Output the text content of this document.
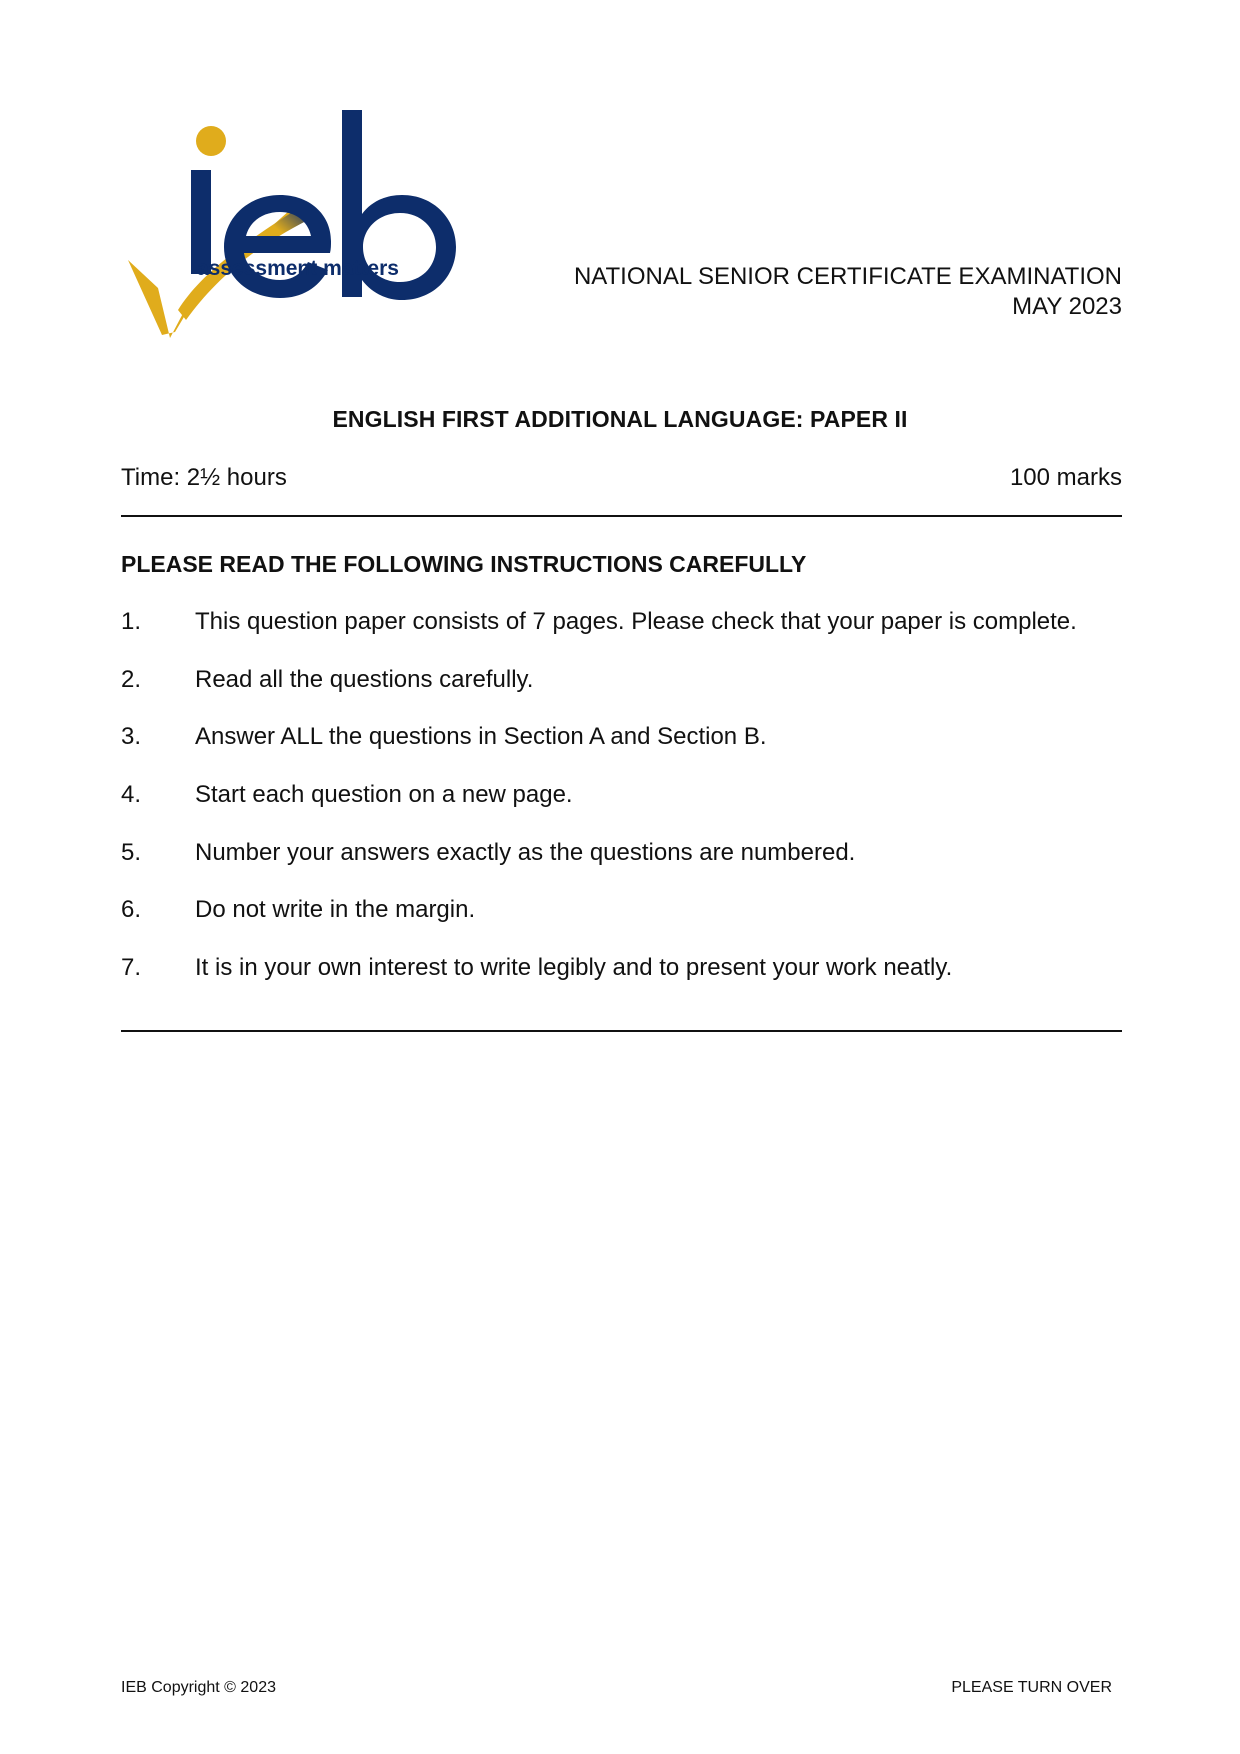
assessment matters	NATIONAL SENIOR CERTIFICATE EXAMINATION
MAY 2023
ENGLISH FIRST ADDITIONAL LANGUAGE: PAPER II
Time: 2½ hours	100 marks
PLEASE READ THE FOLLOWING INSTRUCTIONS CAREFULLY
1.	This question paper consists of 7 pages. Please check that your paper is complete.
2.	Read all the questions carefully.
3.	Answer ALL the questions in Section A and Section B.
4.	Start each question on a new page.
5.	Number your answers exactly as the questions are numbered.
6.	Do not write in the margin.
7.	It is in your own interest to write legibly and to present your work neatly.
IEB Copyright © 2023	PLEASE TURN OVER
